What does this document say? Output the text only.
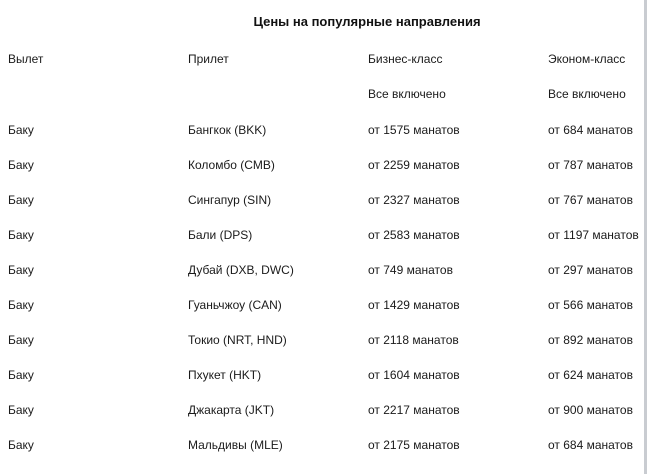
Цены на популярные направления
Вылет	Прилет	Бизнес-класс	Эконом-класс
		Все включено	Все включено
Баку	Бангкок (BKK)	от 1575 манатов	от 684 манатов
Баку	Коломбо (CMB)	от 2259 манатов	от 787 манатов
Баку	Сингапур (SIN)	от 2327 манатов	от 767 манатов
Баку	Бали (DPS)	от 2583 манатов	от 1197 манатов
Баку	Дубай (DXB, DWC)	от 749 манатов	от 297 манатов
Баку	Гуаньчжоу (CAN)	от 1429 манатов	от 566 манатов
Баку	Токио (NRT, HND)	от 2118 манатов	от 892 манатов
Баку	Пхукет (HKT)	от 1604 манатов	от 624 манатов
Баку	Джакарта (JKT)	от 2217 манатов	от 900 манатов
Баку	Мальдивы (MLE)	от 2175 манатов	от 684 манатов
